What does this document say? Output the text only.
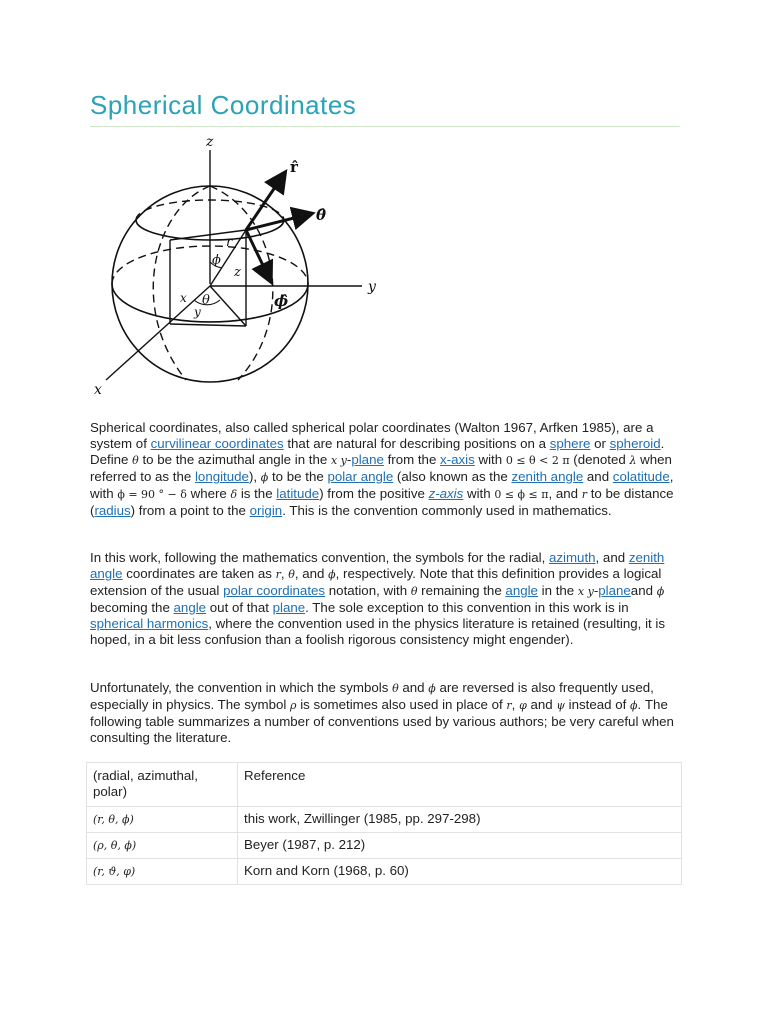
Spherical Coordinates
z
y
x
r̂
θ̂
ϕ̂
r
ϕ
z
θ
x
y

Spherical coordinates, also called spherical polar coordinates (Walton 1967, Arfken 1985), are a system of curvilinear coordinates that are natural for describing positions on a sphere or spheroid. Define θ to be the azimuthal angle in the x y-plane from the x-axis with 0 ≤ θ < 2 π (denoted λ when referred to as the longitude), ϕ to be the polar angle (also known as the zenith angle and colatitude, with ϕ = 90 ° − δ where δ is the latitude) from the positive z-axis with 0 ≤ ϕ ≤ π, and r to be distance (radius) from a point to the origin. This is the convention commonly used in mathematics.

In this work, following the mathematics convention, the symbols for the radial, azimuth, and zenith angle coordinates are taken as r, θ, and ϕ, respectively. Note that this definition provides a logical extension of the usual polar coordinates notation, with θ remaining the angle in the x y-planeand ϕ becoming the angle out of that plane. The sole exception to this convention in this work is in spherical harmonics, where the convention used in the physics literature is retained (resulting, it is hoped, in a bit less confusion than a foolish rigorous consistency might engender).

Unfortunately, the convention in which the symbols θ and ϕ are reversed is also frequently used, especially in physics. The symbol ρ is sometimes also used in place of r, φ and ψ instead of ϕ. The following table summarizes a number of conventions used by various authors; be very careful when consulting the literature.

(radial, azimuthal, polar)	Reference
(r, θ, ϕ)	this work, Zwillinger (1985, pp. 297-298)
(ρ, θ, ϕ)	Beyer (1987, p. 212)
(r, ϑ, φ)	Korn and Korn (1968, p. 60)
